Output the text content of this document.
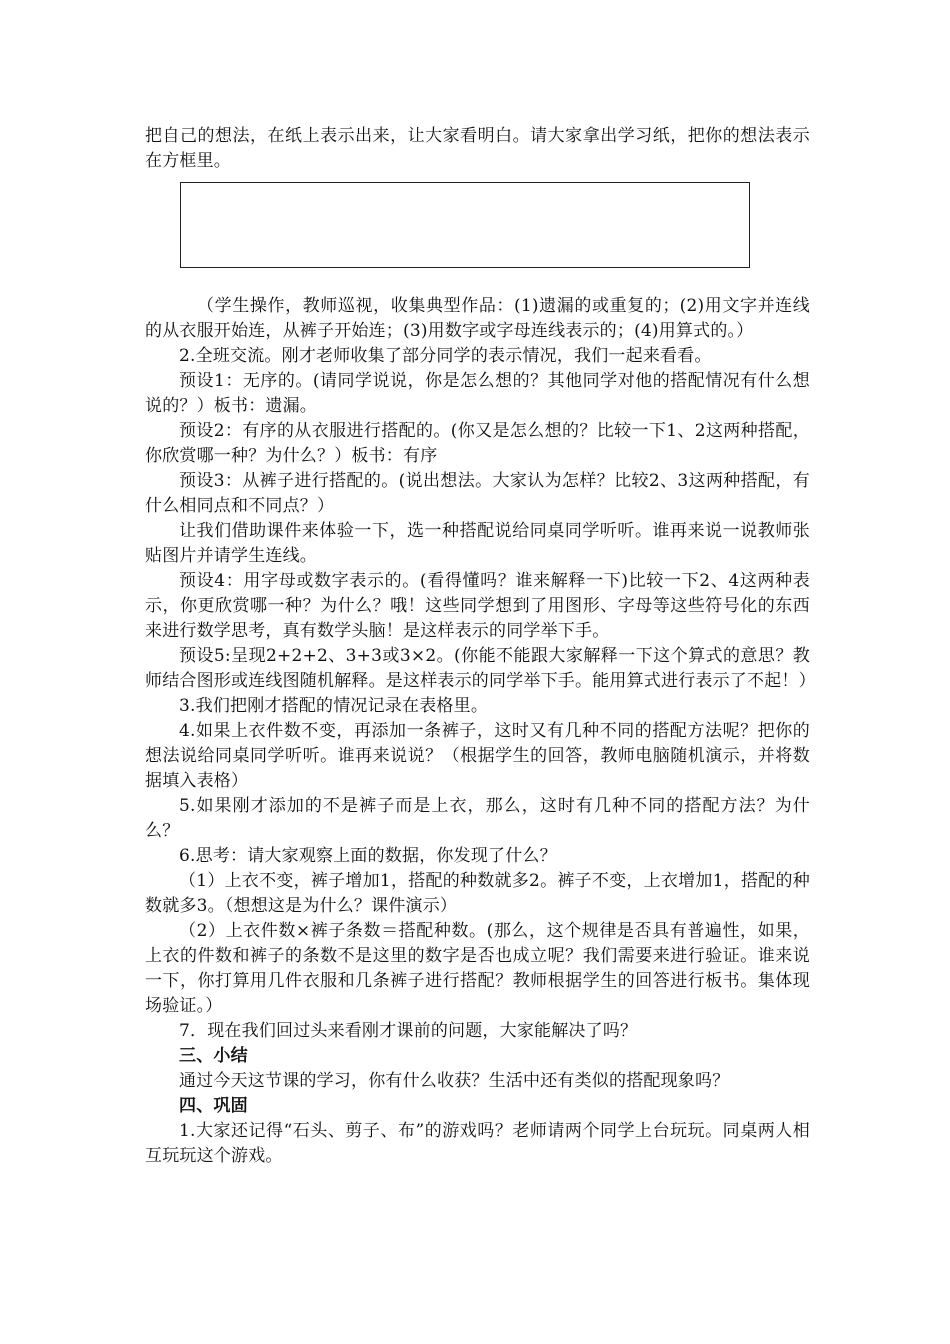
把自己的想法，在纸上表示出来，让大家看明白。请大家拿出学习纸，把你的想法表示在方框里。

（学生操作，教师巡视，收集典型作品：(1)遗漏的或重复的；(2)用文字并连线的从衣服开始连，从裤子开始连；(3)用数字或字母连线表示的；(4)用算式的。）

2.全班交流。刚才老师收集了部分同学的表示情况，我们一起来看看。

预设1：无序的。(请同学说说，你是怎么想的？其他同学对他的搭配情况有什么想说的？）板书：遗漏。

预设2：有序的从衣服进行搭配的。(你又是怎么想的？比较一下1、2这两种搭配，你欣赏哪一种？为什么？）板书：有序

预设3：从裤子进行搭配的。(说出想法。大家认为怎样？比较2、3这两种搭配，有什么相同点和不同点？）

让我们借助课件来体验一下，选一种搭配说给同桌同学听听。谁再来说一说教师张贴图片并请学生连线。

预设4：用字母或数字表示的。(看得懂吗？谁来解释一下)比较一下2、4这两种表示，你更欣赏哪一种？为什么？哦！这些同学想到了用图形、字母等这些符号化的东西来进行数学思考，真有数学头脑！是这样表示的同学举下手。

预设5:呈现2+2+2、3+3或3×2。(你能不能跟大家解释一下这个算式的意思？教师结合图形或连线图随机解释。是这样表示的同学举下手。能用算式进行表示了不起！）

3.我们把刚才搭配的情况记录在表格里。

4.如果上衣件数不变，再添加一条裤子，这时又有几种不同的搭配方法呢？把你的想法说给同桌同学听听。谁再来说说？（根据学生的回答，教师电脑随机演示，并将数据填入表格）

5.如果刚才添加的不是裤子而是上衣，那么，这时有几种不同的搭配方法？为什么？

6.思考：请大家观察上面的数据，你发现了什么？

（1）上衣不变，裤子增加1，搭配的种数就多2。裤子不变，上衣增加1，搭配的种数就多3。（想想这是为什么？课件演示）

（2）上衣件数×裤子条数＝搭配种数。(那么，这个规律是否具有普遍性，如果，上衣的件数和裤子的条数不是这里的数字是否也成立呢？我们需要来进行验证。谁来说一下，你打算用几件衣服和几条裤子进行搭配？教师根据学生的回答进行板书。集体现场验证。）

7．现在我们回过头来看刚才课前的问题，大家能解决了吗？

三、小结

通过今天这节课的学习，你有什么收获？生活中还有类似的搭配现象吗？

四、巩固

1.大家还记得“石头、剪子、布”的游戏吗？老师请两个同学上台玩玩。同桌两人相互玩玩这个游戏。
